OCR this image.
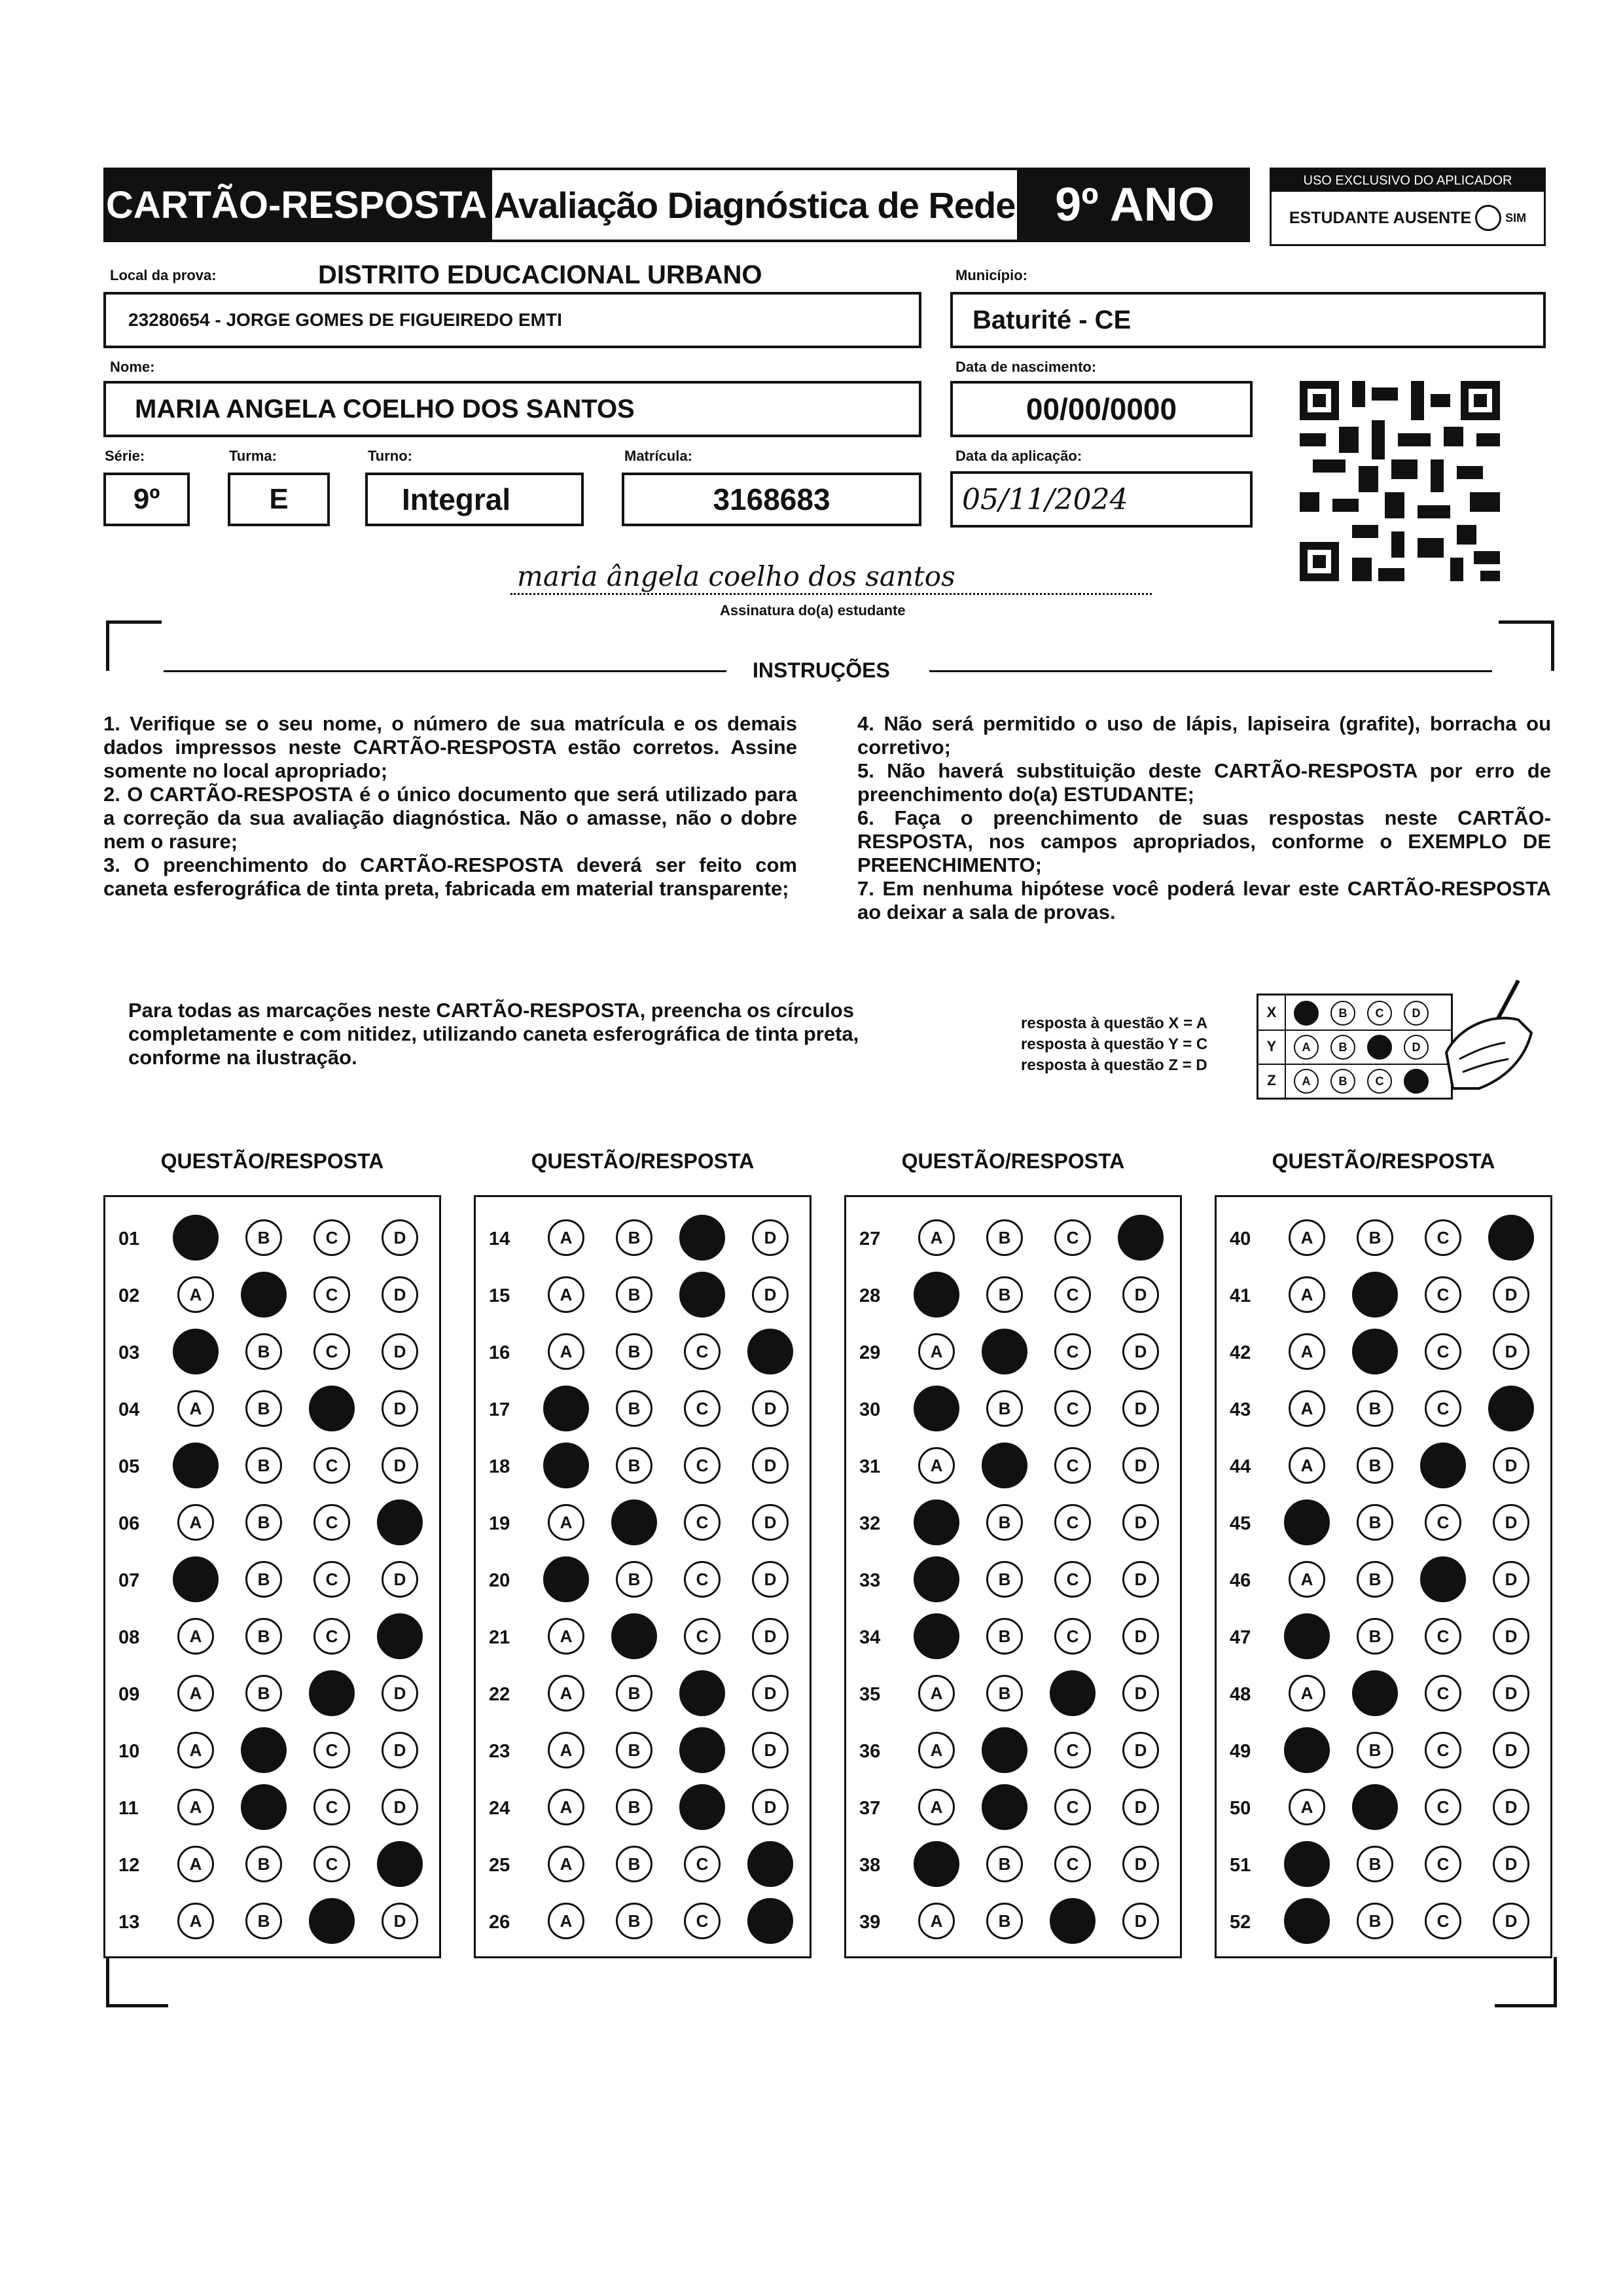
CARTÃO-RESPOSTA Avaliação Diagnóstica de Rede 9º ANO	USO EXCLUSIVO DO APLICADOR
ESTUDANTE AUSENTE	SIM
Local da prova:	DISTRITO EDUCACIONAL URBANO
23280654 - JORGE GOMES DE FIGUEIREDO EMTI
Município:
Baturité - CE
Nome:
MARIA ANGELA COELHO DOS SANTOS
Data de nascimento:
00/00/0000
Série:
9º
Turma:
E
Turno:
Integral
Matrícula:
3168683
Data da aplicação:
05/11/2024
maria ângela coelho dos santos
Assinatura do(a) estudante
INSTRUÇÕES

1. Verifique se o seu nome, o número de sua matrícula e os demais dados impressos neste CARTÃO-RESPOSTA estão corretos. Assine somente no local apropriado;

2. O CARTÃO-RESPOSTA é o único documento que será utilizado para a correção da sua avaliação diagnóstica. Não o amasse, não o dobre nem o rasure;

3. O preenchimento do CARTÃO-RESPOSTA deverá ser feito com caneta esferográfica de tinta preta, fabricada em material transparente;

4. Não será permitido o uso de lápis, lapiseira (grafite), borracha ou corretivo;

5. Não haverá substituição deste CARTÃO-RESPOSTA por erro de preenchimento do(a) ESTUDANTE;

6. Faça o preenchimento de suas respostas neste CARTÃO-RESPOSTA, nos campos apropriados, conforme o EXEMPLO DE PREENCHIMENTO;

7. Em nenhuma hipótese você poderá levar este CARTÃO-RESPOSTA ao deixar a sala de provas.

Para todas as marcações neste CARTÃO-RESPOSTA, preencha os círculos completamente e com nitidez, utilizando caneta esferográfica de tinta preta, conforme na ilustração.
resposta à questão X = A
resposta à questão Y = C
resposta à questão Z = D
X	A	B	C	D
Y	A	B	C	D
Z	A	B	C	D
QUESTÃO/RESPOSTA
01	A	B	C	D
02	A	B	C	D
03	A	B	C	D
04	A	B	C	D
05	A	B	C	D
06	A	B	C	D
07	A	B	C	D
08	A	B	C	D
09	A	B	C	D
10	A	B	C	D
11	A	B	C	D
12	A	B	C	D
13	A	B	C	D
QUESTÃO/RESPOSTA
14	A	B	C	D
15	A	B	C	D
16	A	B	C	D
17	A	B	C	D
18	A	B	C	D
19	A	B	C	D
20	A	B	C	D
21	A	B	C	D
22	A	B	C	D
23	A	B	C	D
24	A	B	C	D
25	A	B	C	D
26	A	B	C	D
QUESTÃO/RESPOSTA
27	A	B	C	D
28	A	B	C	D
29	A	B	C	D
30	A	B	C	D
31	A	B	C	D
32	A	B	C	D
33	A	B	C	D
34	A	B	C	D
35	A	B	C	D
36	A	B	C	D
37	A	B	C	D
38	A	B	C	D
39	A	B	C	D
QUESTÃO/RESPOSTA
40	A	B	C	D
41	A	B	C	D
42	A	B	C	D
43	A	B	C	D
44	A	B	C	D
45	A	B	C	D
46	A	B	C	D
47	A	B	C	D
48	A	B	C	D
49	A	B	C	D
50	A	B	C	D
51	A	B	C	D
52	A	B	C	D
